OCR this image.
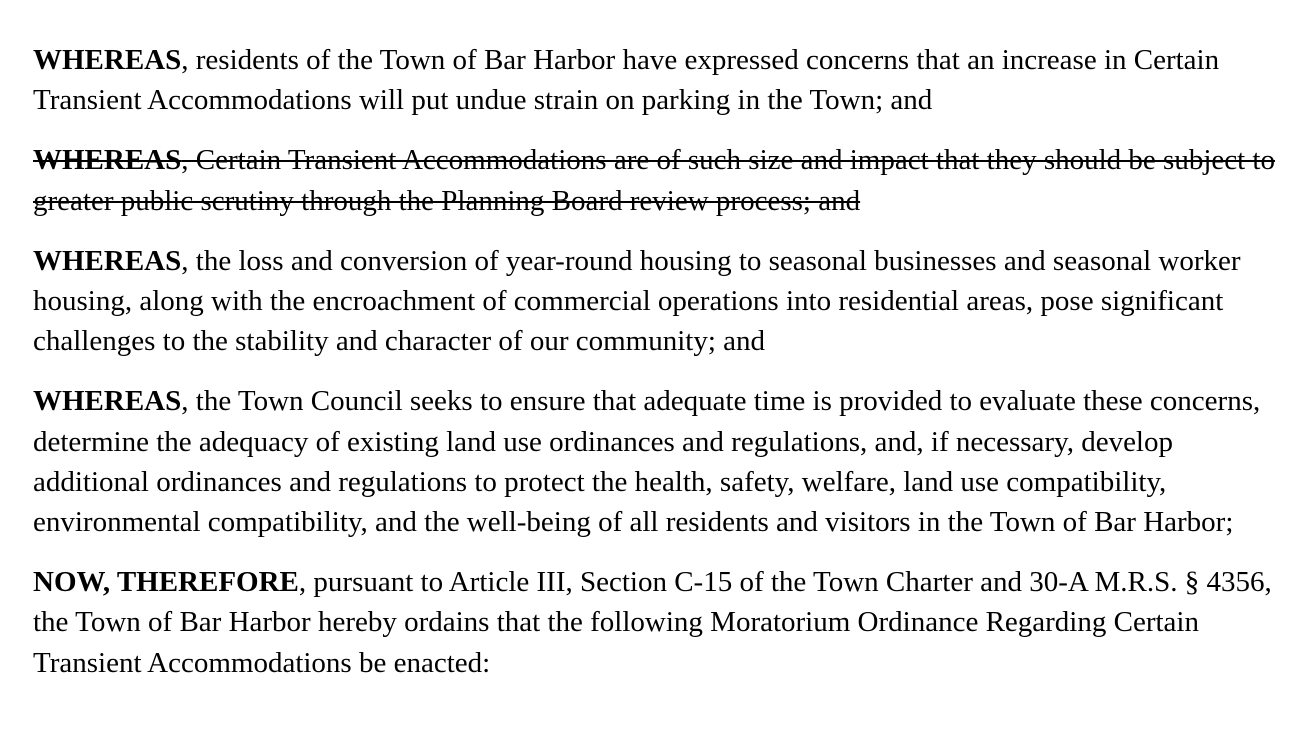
WHEREAS, residents of the Town of Bar Harbor have expressed concerns that an increase in Certain Transient Accommodations will put undue strain on parking in the Town; and

WHEREAS, Certain Transient Accommodations are of such size and impact that they should be subject to greater public scrutiny through the Planning Board review process; and

WHEREAS, the loss and conversion of year-round housing to seasonal businesses and seasonal worker housing, along with the encroachment of commercial operations into residential areas, pose significant challenges to the stability and character of our community; and

WHEREAS, the Town Council seeks to ensure that adequate time is provided to evaluate these concerns, determine the adequacy of existing land use ordinances and regulations, and, if necessary, develop additional ordinances and regulations to protect the health, safety, welfare, land use compatibility, environmental compatibility, and the well-being of all residents and visitors in the Town of Bar Harbor;

NOW, THEREFORE, pursuant to Article III, Section C-15 of the Town Charter and 30-A M.R.S. § 4356, the Town of Bar Harbor hereby ordains that the following Moratorium Ordinance Regarding Certain Transient Accommodations be enacted:
